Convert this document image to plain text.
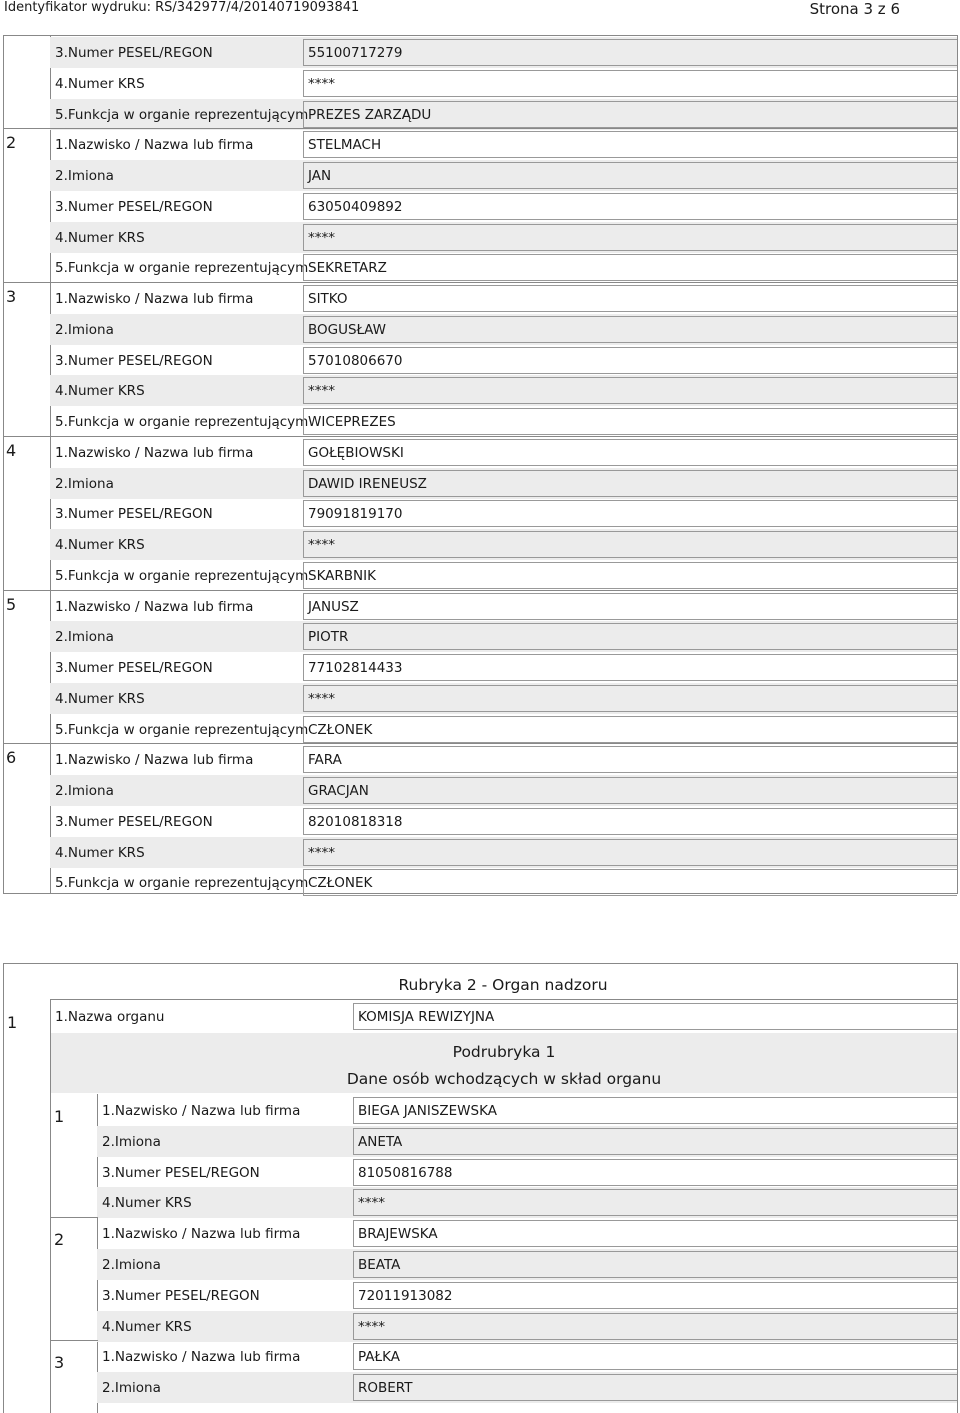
Identyfikator wydruku: RS/342977/4/20140719093841	Strona 3 z 6
3.Numer PESEL/REGON	55100717279
4.Numer KRS	****
5.Funkcja w organie reprezentującym PREZES ZARZĄDU
2	1.Nazwisko / Nazwa lub firma	STELMACH
2.Imiona	JAN
3.Numer PESEL/REGON	63050409892
4.Numer KRS	****
5.Funkcja w organie reprezentującym SEKRETARZ
3	1.Nazwisko / Nazwa lub firma	SITKO
2.Imiona	BOGUSŁAW
3.Numer PESEL/REGON	57010806670
4.Numer KRS	****
5.Funkcja w organie reprezentującym WICEPREZES
4	1.Nazwisko / Nazwa lub firma	GOŁĘBIOWSKI
2.Imiona	DAWID IRENEUSZ
3.Numer PESEL/REGON	79091819170
4.Numer KRS	****
5.Funkcja w organie reprezentującym SKARBNIK
5	1.Nazwisko / Nazwa lub firma	JANUSZ
2.Imiona	PIOTR
3.Numer PESEL/REGON	77102814433
4.Numer KRS	****
5.Funkcja w organie reprezentującym CZŁONEK
6	1.Nazwisko / Nazwa lub firma	FARA
2.Imiona	GRACJAN
3.Numer PESEL/REGON	82010818318
4.Numer KRS	****
5.Funkcja w organie reprezentującym CZŁONEK
Rubryka 2 - Organ nadzoru
1	1.Nazwa organu	KOMISJA REWIZYJNA
Podrubryka 1
Dane osób wchodzących w skład organu
1	1.Nazwisko / Nazwa lub firma	BIEGA JANISZEWSKA
2.Imiona	ANETA
3.Numer PESEL/REGON	81050816788
4.Numer KRS	****
2	1.Nazwisko / Nazwa lub firma	BRAJEWSKA
2.Imiona	BEATA
3.Numer PESEL/REGON	72011913082
4.Numer KRS	****
3	1.Nazwisko / Nazwa lub firma	PAŁKA
2.Imiona	ROBERT
